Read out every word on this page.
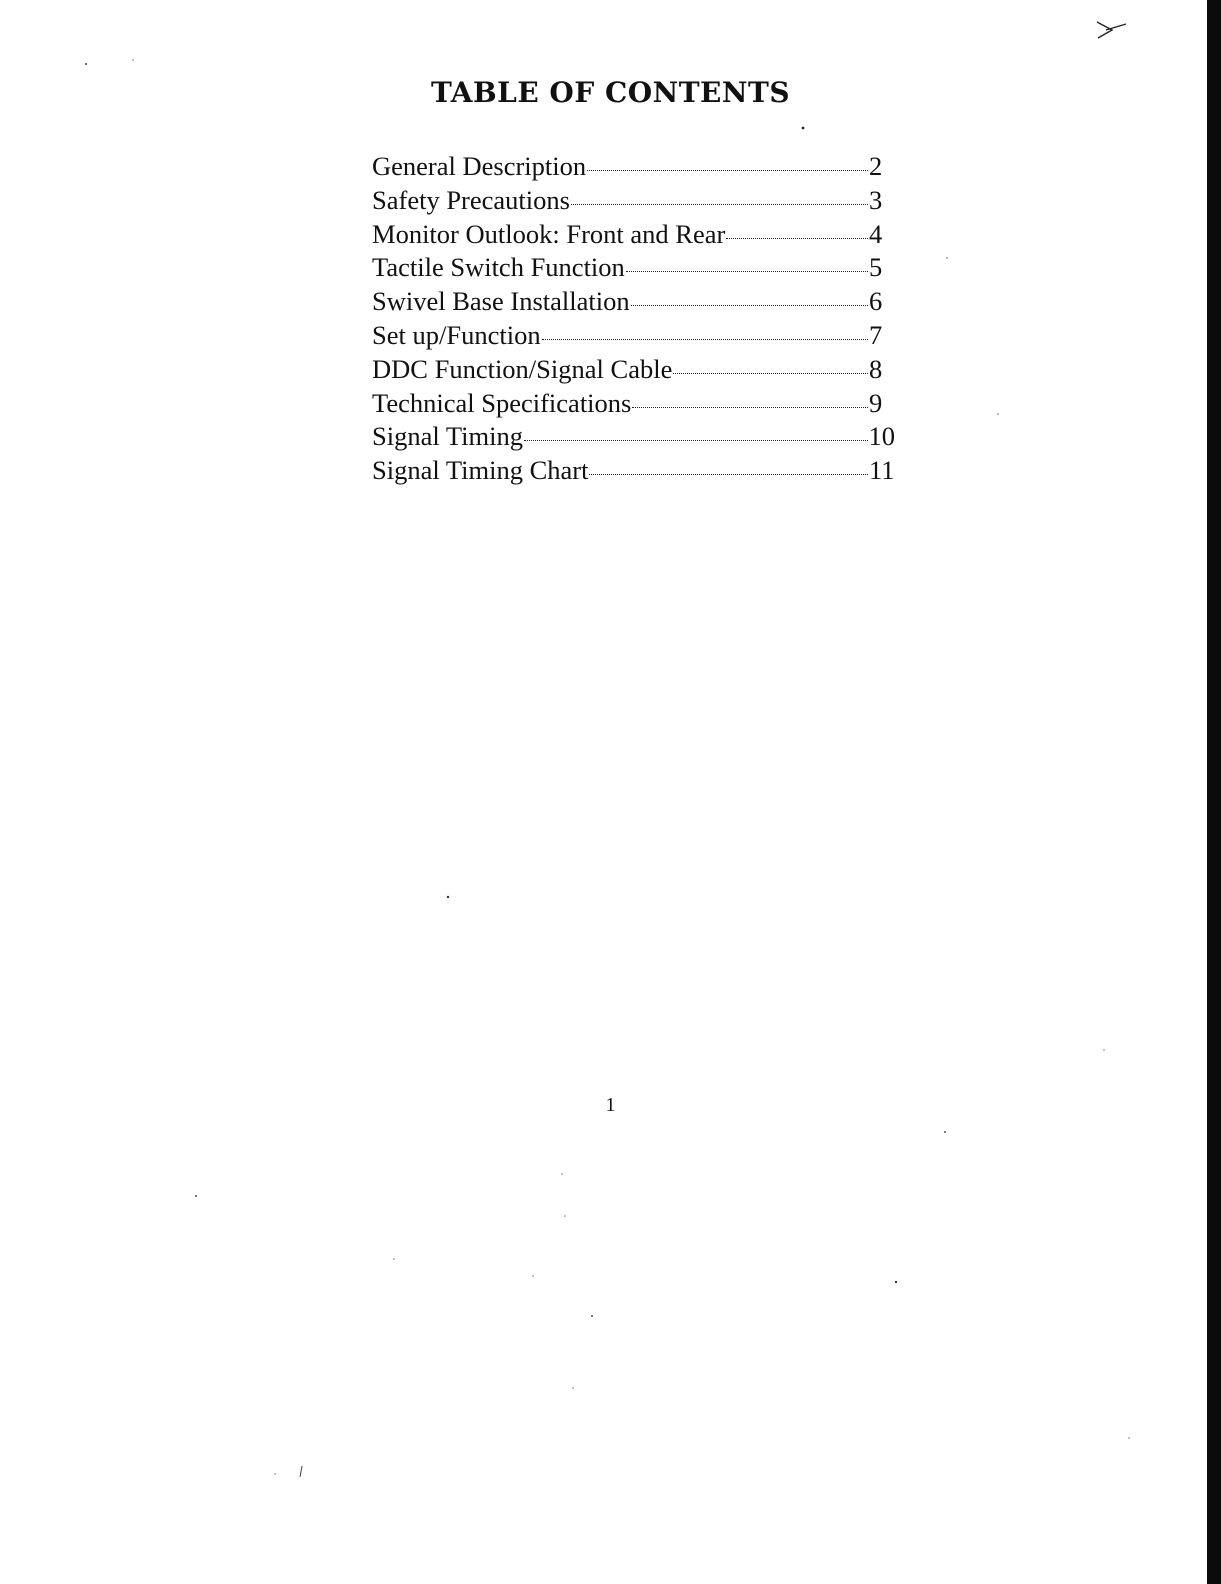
TABLE OF CONTENTS
General Description	2
Safety Precautions	3
Monitor Outlook: Front and Rear	4
Tactile Switch Function	5
Swivel Base Installation	6
Set up/Function	7
DDC Function/Signal Cable	8
Technical Specifications	9
Signal Timing	10
Signal Timing Chart	11
1
